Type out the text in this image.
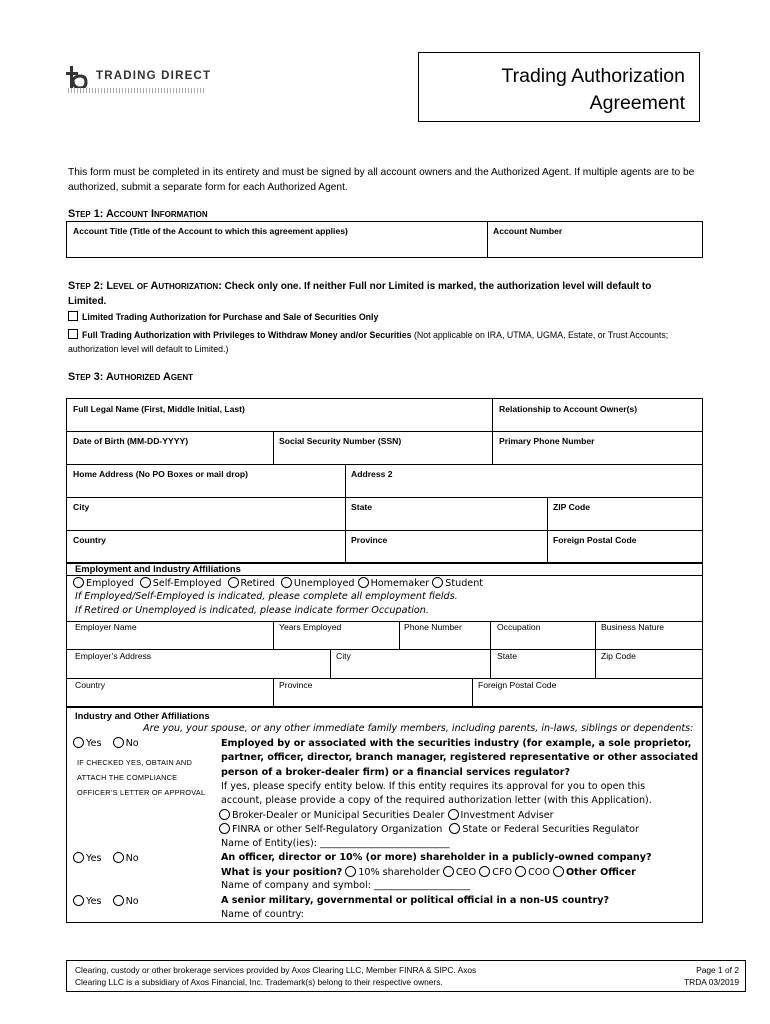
TRADING DIRECT	Trading Authorization
Agreement
This form must be completed in its entirety and must be signed by all account owners and the Authorized Agent. If multiple agents are to be authorized, submit a separate form for each Authorized Agent.
Step 1: Account Information
Account Title (Title of the Account to which this agreement applies)	Account Number
Step 2: Level of Authorization: Check only one. If neither Full nor Limited is marked, the authorization level will default to
Limited.
Limited Trading Authorization for Purchase and Sale of Securities Only
Full Trading Authorization with Privileges to Withdraw Money and/or Securities (Not applicable on IRA, UTMA, UGMA, Estate, or Trust Accounts;
authorization level will default to Limited.)
Step 3: Authorized Agent
Full Legal Name (First, Middle Initial, Last)	Relationship to Account Owner(s)
Date of Birth (MM-DD-YYYY)	Social Security Number (SSN)	Primary Phone Number
Home Address (No PO Boxes or mail drop)	Address 2
City	State	ZIP Code
Country	Province	Foreign Postal Code
Employment and Industry Affiliations
Employed Self-Employed Retired Unemployed Homemaker Student
If Employed/Self-Employed is indicated, please complete all employment fields.
If Retired or Unemployed is indicated, please indicate former Occupation.
Employer Name	Years Employed	Phone Number	Occupation	Business Nature
Employer’s Address	City	State	Zip Code
Country	Province	Foreign Postal Code
Industry and Other Affiliations
Are you, your spouse, or any other immediate family members, including parents, in-laws, siblings or dependents:
Yes	No
IF CHECKED YES, OBTAIN AND
ATTACH THE COMPLIANCE
OFFICER’S LETTER OF APPROVAL
Employed by or associated with the securities industry (for example, a sole proprietor,
partner, officer, director, branch manager, registered representative or other associated
person of a broker-dealer firm) or a financial services regulator?
If yes, please specify entity below. If this entity requires its approval for you to open this
account, please provide a copy of the required authorization letter (with this Application).
Broker-Dealer or Municipal Securities Dealer Investment Adviser
FINRA or other Self-Regulatory Organization State or Federal Securities Regulator
Name of Entity(ies): ___________________________
Yes	No	An officer, director or 10% (or more) shareholder in a publicly-owned company?
What is your position? 10% shareholder CEO CFO COO Other Officer
Name of company and symbol: ____________________
Yes	No	A senior military, governmental or political official in a non-US country?
Name of country:
Clearing, custody or other brokerage services provided by Axos Clearing LLC, Member FINRA & SIPC. Axos
Clearing LLC is a subsidiary of Axos Financial, Inc. Trademark(s) belong to their respective owners.
Page 1 of 2
TRDA 03/2019
